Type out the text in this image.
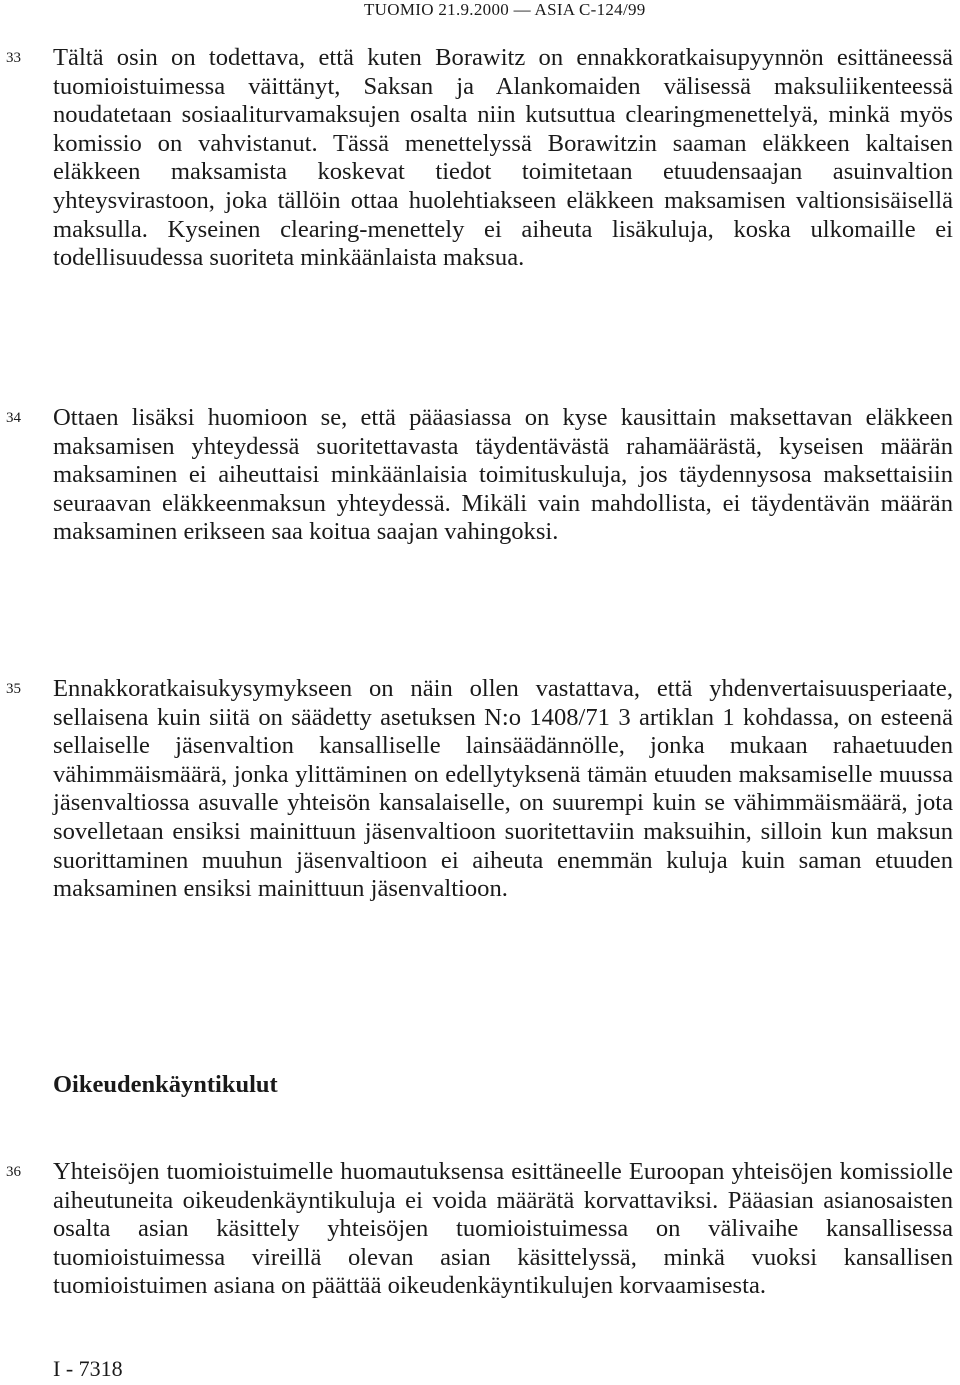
TUOMIO 21.9.2000 — ASIA C-124/99
33 Tältä osin on todettava, että kuten Borawitz on ennakkoratkaisupyynnön esittäneessä tuomioistuimessa väittänyt, Saksan ja Alankomaiden välisessä maksuliikenteessä noudatetaan sosiaaliturvamaksujen osalta niin kutsuttua clearingmenettelyä, minkä myös komissio on vahvistanut. Tässä menettelyssä Borawitzin saaman eläkkeen kaltaisen eläkkeen maksamista koskevat tiedot toimitetaan etuudensaajan asuinvaltion yhteysvirastoon, joka tällöin ottaa huolehtiakseen eläkkeen maksamisen valtionsisäisellä maksulla. Kyseinen clearing-menettely ei aiheuta lisäkuluja, koska ulkomaille ei todellisuudessa suoriteta minkäänlaista maksua.

34 Ottaen lisäksi huomioon se, että pääasiassa on kyse kausittain maksettavan eläkkeen maksamisen yhteydessä suoritettavasta täydentävästä rahamäärästä, kyseisen määrän maksaminen ei aiheuttaisi minkäänlaisia toimituskuluja, jos täydennysosa maksettaisiin seuraavan eläkkeenmaksun yhteydessä. Mikäli vain mahdollista, ei täydentävän määrän maksaminen erikseen saa koitua saajan vahingoksi.

35 Ennakkoratkaisukysymykseen on näin ollen vastattava, että yhdenvertaisuusperiaate, sellaisena kuin siitä on säädetty asetuksen N:o 1408/71 3 artiklan 1 kohdassa, on esteenä sellaiselle jäsenvaltion kansalliselle lainsäädännölle, jonka mukaan rahaetuuden vähimmäismäärä, jonka ylittäminen on edellytyksenä tämän etuuden maksamiselle muussa jäsenvaltiossa asuvalle yhteisön kansalaiselle, on suurempi kuin se vähimmäismäärä, jota sovelletaan ensiksi mainittuun jäsenvaltioon suoritettaviin maksuihin, silloin kun maksun suorittaminen muuhun jäsenvaltioon ei aiheuta enemmän kuluja kuin saman etuuden maksaminen ensiksi mainittuun jäsenvaltioon.

Oikeudenkäyntikulut
36 Yhteisöjen tuomioistuimelle huomautuksensa esittäneelle Euroopan yhteisöjen komissiolle aiheutuneita oikeudenkäyntikuluja ei voida määrätä korvattaviksi. Pääasian asianosaisten osalta asian käsittely yhteisöjen tuomioistuimessa on välivaihe kansallisessa tuomioistuimessa vireillä olevan asian käsittelyssä, minkä vuoksi kansallisen tuomioistuimen asiana on päättää oikeudenkäyntikulujen korvaamisesta.

I - 7318
